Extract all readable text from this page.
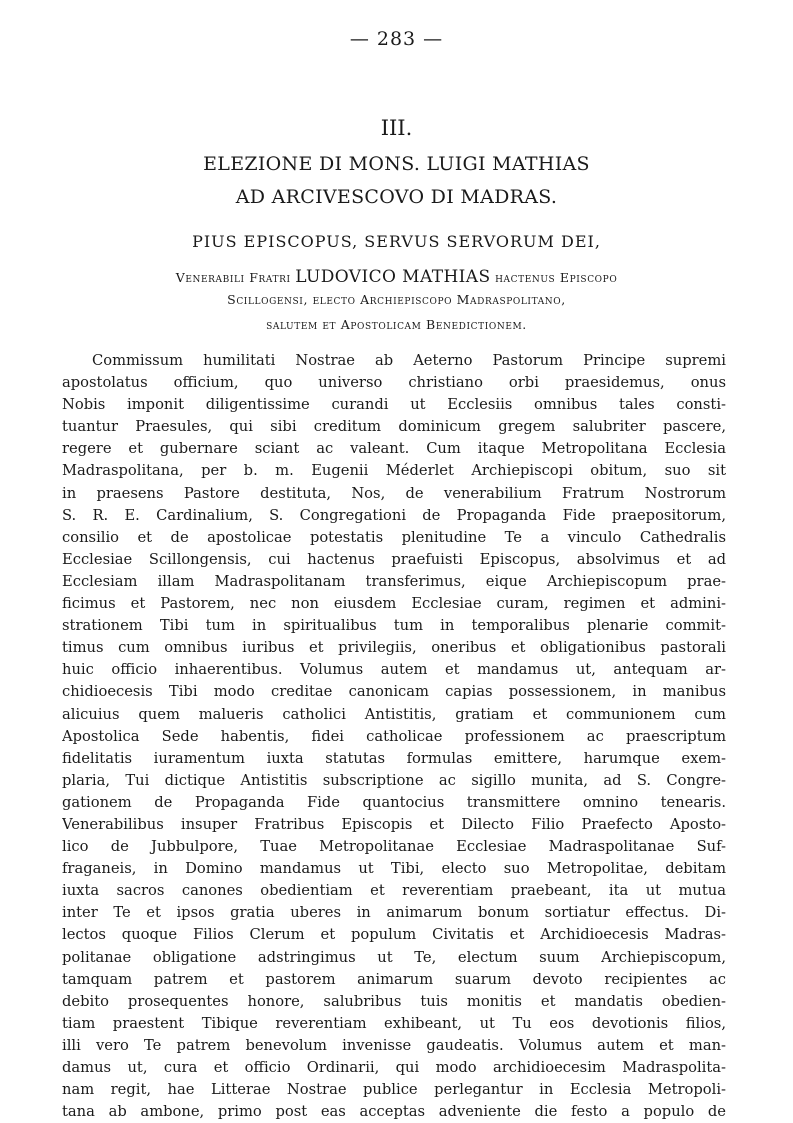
— 283 —
III.
ELEZIONE DI MONS. LUIGI MATHIAS
AD ARCIVESCOVO DI MADRAS.
PIUS EPISCOPUS, SERVUS SERVORUM DEI,
Venerabili Fratri LUDOVICO MATHIAS hactenus Episcopo
Scillogensi, electo Archiepiscopo Madraspolitano,
salutem et Apostolicam Benedictionem.
Commissum humilitati Nostrae ab Aeterno Pastorum Principe supremi
apostolatus officium, quo universo christiano orbi praesidemus, onus
Nobis imponit diligentissime curandi ut Ecclesiis omnibus tales consti-
tuantur Praesules, qui sibi creditum dominicum gregem salubriter pascere,
regere et gubernare sciant ac valeant. Cum itaque Metropolitana Ecclesia
Madraspolitana, per b. m. Eugenii Méderlet Archiepiscopi obitum, suo sit
in praesens Pastore destituta, Nos, de venerabilium Fratrum Nostrorum
S. R. E. Cardinalium, S. Congregationi de Propaganda Fide praepositorum,
consilio et de apostolicae potestatis plenitudine Te a vinculo Cathedralis
Ecclesiae Scillongensis, cui hactenus praefuisti Episcopus, absolvimus et ad
Ecclesiam illam Madraspolitanam transferimus, eique Archiepiscopum prae-
ficimus et Pastorem, nec non eiusdem Ecclesiae curam, regimen et admini-
strationem Tibi tum in spiritualibus tum in temporalibus plenarie commit-
timus cum omnibus iuribus et privilegiis, oneribus et obligationibus pastorali
huic officio inhaerentibus. Volumus autem et mandamus ut, antequam ar-
chidioecesis Tibi modo creditae canonicam capias possessionem, in manibus
alicuius quem malueris catholici Antistitis, gratiam et communionem cum
Apostolica Sede habentis, fidei catholicae professionem ac praescriptum
fidelitatis iuramentum iuxta statutas formulas emittere, harumque exem-
plaria, Tui dictique Antistitis subscriptione ac sigillo munita, ad S. Congre-
gationem de Propaganda Fide quantocius transmittere omnino tenearis.
Venerabilibus insuper Fratribus Episcopis et Dilecto Filio Praefecto Aposto-
lico de Jubbulpore, Tuae Metropolitanae Ecclesiae Madraspolitanae Suf-
fraganeis, in Domino mandamus ut Tibi, electo suo Metropolitae, debitam
iuxta sacros canones obedientiam et reverentiam praebeant, ita ut mutua
inter Te et ipsos gratia uberes in animarum bonum sortiatur effectus. Di-
lectos quoque Filios Clerum et populum Civitatis et Archidioecesis Madras-
politanae obligatione adstringimus ut Te, electum suum Archiepiscopum,
tamquam patrem et pastorem animarum suarum devoto recipientes ac
debito prosequentes honore, salubribus tuis monitis et mandatis obedien-
tiam praestent Tibique reverentiam exhibeant, ut Tu eos devotionis filios,
illi vero Te patrem benevolum invenisse gaudeatis. Volumus autem et man-
damus ut, cura et officio Ordinarii, qui modo archidioecesim Madraspolita-
nam regit, hae Litterae Nostrae publice perlegantur in Ecclesia Metropoli-
tana ab ambone, primo post eas acceptas adveniente die festo a populo de
